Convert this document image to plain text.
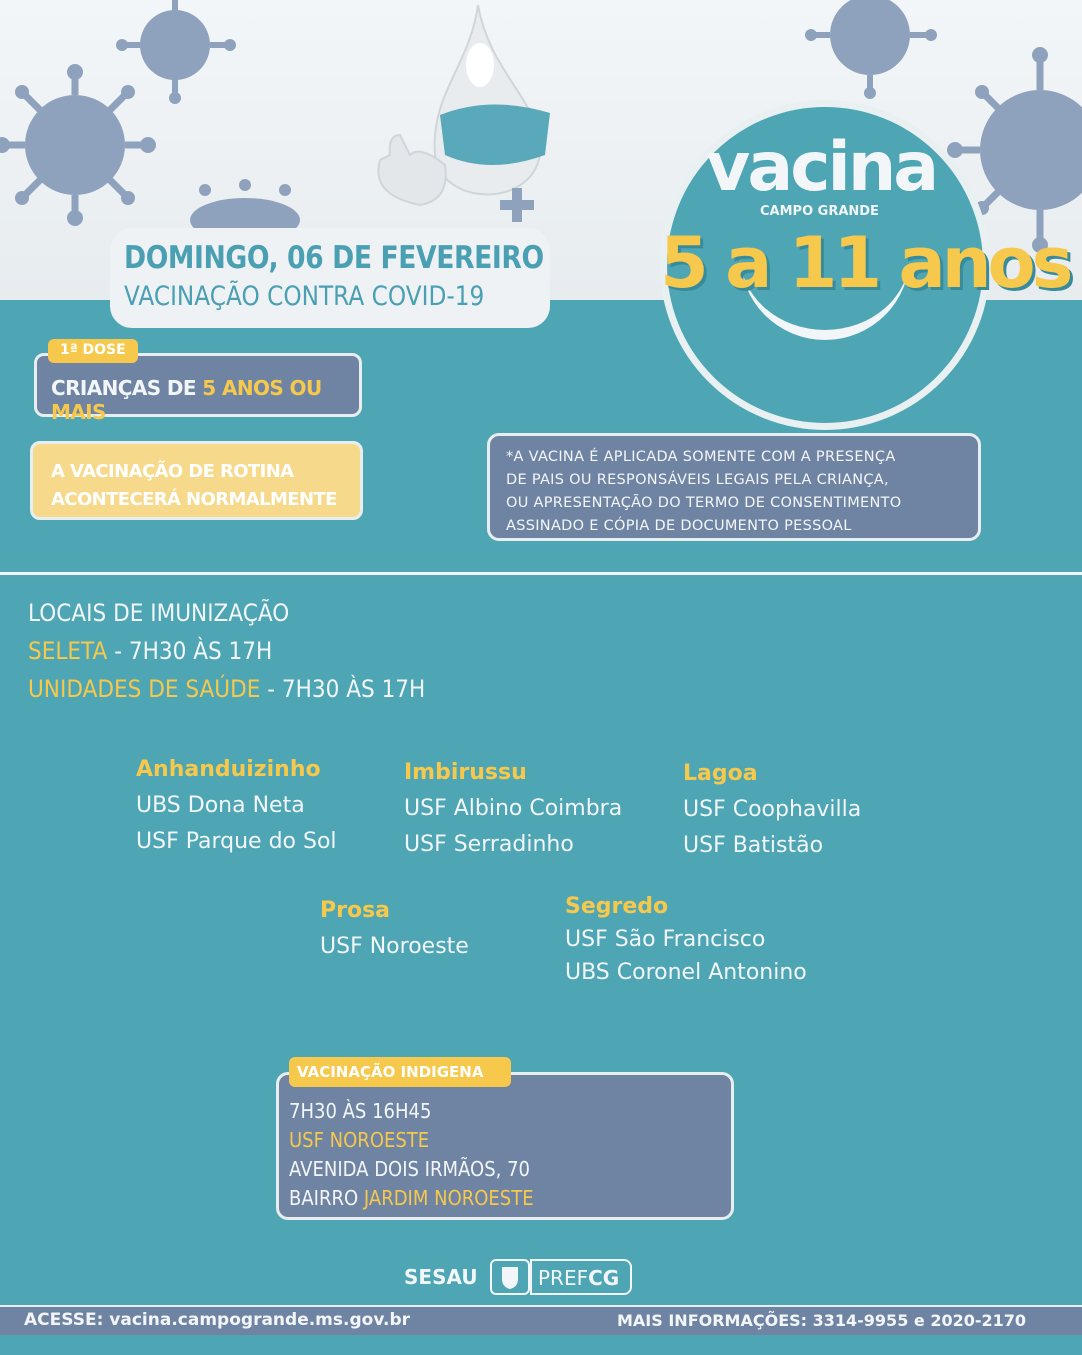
DOMINGO, 06 DE FEVEREIRO
VACINAÇÃO CONTRA COVID-19
vacina
CAMPO GRANDE
5 a 11 anos
CRIANÇAS DE 5 ANOS OU MAIS
1ª DOSE
A VACINAÇÃO DE ROTINA
ACONTECERÁ NORMALMENTE
*A VACINA É APLICADA SOMENTE COM A PRESENÇA
DE PAIS OU RESPONSÁVEIS LEGAIS PELA CRIANÇA,
OU APRESENTAÇÃO DO TERMO DE CONSENTIMENTO
ASSINADO E CÓPIA DE DOCUMENTO PESSOAL
LOCAIS DE IMUNIZAÇÃO
SELETA - 7H30 ÀS 17H
UNIDADES DE SAÚDE - 7H30 ÀS 17H
Anhanduizinho
UBS Dona Neta
USF Parque do Sol
Imbirussu
USF Albino Coimbra
USF Serradinho
Lagoa
USF Coophavilla
USF Batistão
Prosa
USF Noroeste
Segredo
USF São Francisco
UBS Coronel Antonino
7H30 ÀS 16H45
USF NOROESTE
AVENIDA DOIS IRMÃOS, 70
BAIRRO JARDIM NOROESTE
VACINAÇÃO INDIGENA
SESAU	PREFCG
ACESSE: vacina.campogrande.ms.gov.br	MAIS INFORMAÇÕES: 3314-9955 e 2020-2170
